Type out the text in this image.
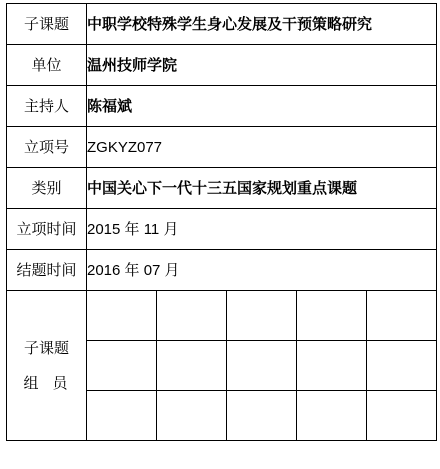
子课题	中职学校特殊学生身心发展及干预策略研究				
单位	温州技师学院				
主持人	陈福斌				
立项号	ZGKYZ077				
类别	中国关心下一代十三五国家规划重点课题				
立项时间	2015 年 11 月				
结题时间	2016 年 07 月				

子课题
组员					
